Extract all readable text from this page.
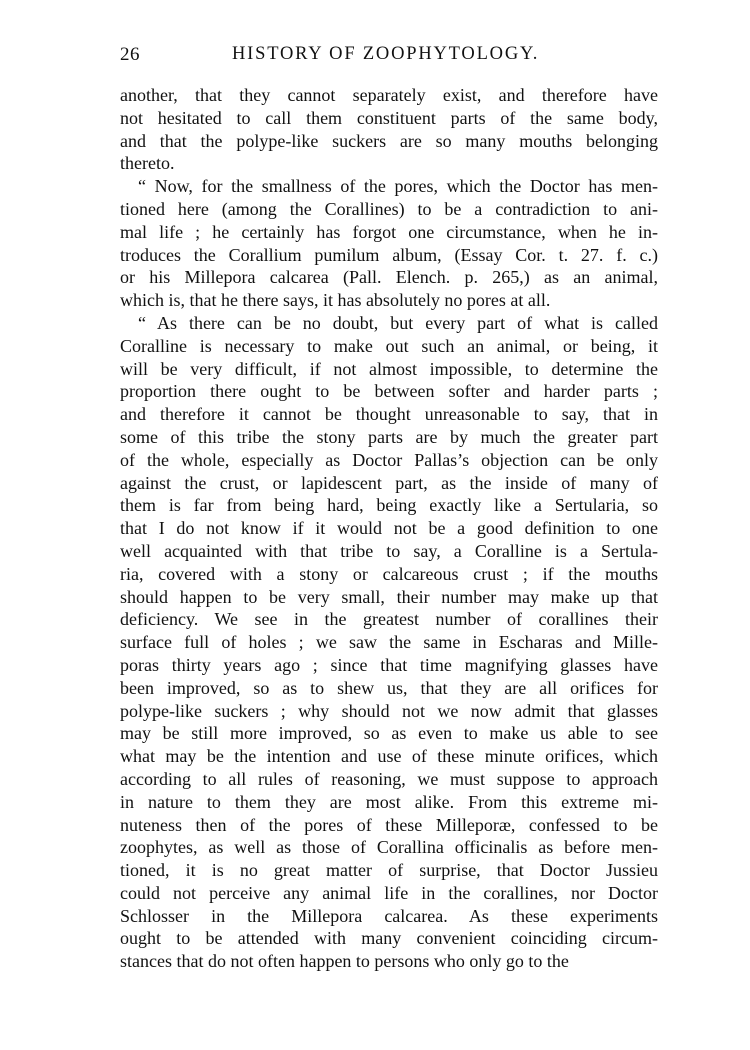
26	HISTORY OF ZOOPHYTOLOGY.
another, that they cannot separately exist, and therefore have
not hesitated to call them constituent parts of the same body,
and that the polype-like suckers are so many mouths belonging
thereto.
“ Now, for the smallness of the pores, which the Doctor has men-
tioned here (among the Corallines) to be a contradiction to ani-
mal life ; he certainly has forgot one circumstance, when he in-
troduces the Corallium pumilum album, (Essay Cor. t. 27. f. c.)
or his Millepora calcarea (Pall. Elench. p. 265,) as an animal,
which is, that he there says, it has absolutely no pores at all.
“ As there can be no doubt, but every part of what is called
Coralline is necessary to make out such an animal, or being, it
will be very difficult, if not almost impossible, to determine the
proportion there ought to be between softer and harder parts ;
and therefore it cannot be thought unreasonable to say, that in
some of this tribe the stony parts are by much the greater part
of the whole, especially as Doctor Pallas’s objection can be only
against the crust, or lapidescent part, as the inside of many of
them is far from being hard, being exactly like a Sertularia, so
that I do not know if it would not be a good definition to one
well acquainted with that tribe to say, a Coralline is a Sertula-
ria, covered with a stony or calcareous crust ; if the mouths
should happen to be very small, their number may make up that
deficiency. We see in the greatest number of corallines their
surface full of holes ; we saw the same in Escharas and Mille-
poras thirty years ago ; since that time magnifying glasses have
been improved, so as to shew us, that they are all orifices for
polype-like suckers ; why should not we now admit that glasses
may be still more improved, so as even to make us able to see
what may be the intention and use of these minute orifices, which
according to all rules of reasoning, we must suppose to approach
in nature to them they are most alike. From this extreme mi-
nuteness then of the pores of these Milleporæ, confessed to be
zoophytes, as well as those of Corallina officinalis as before men-
tioned, it is no great matter of surprise, that Doctor Jussieu
could not perceive any animal life in the corallines, nor Doctor
Schlosser in the Millepora calcarea. As these experiments
ought to be attended with many convenient coinciding circum-
stances that do not often happen to persons who only go to the
